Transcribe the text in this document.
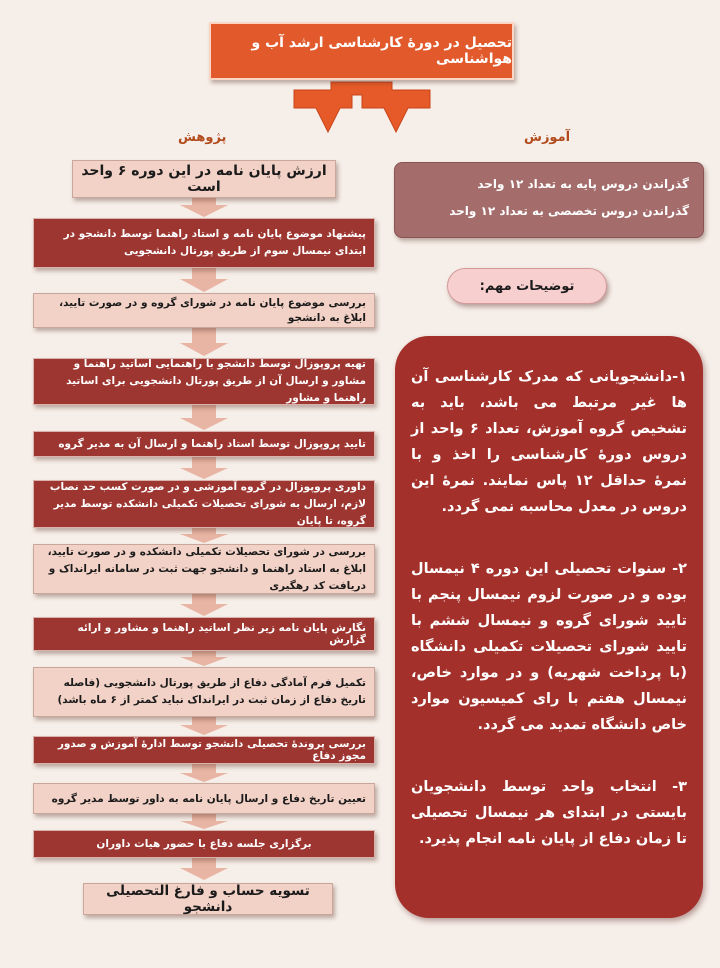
تحصیل در دورۀ کارشناسی ارشد آب و هواشناسی
پژوهش	آموزش
گذراندن دروس پایه به تعداد ۱۲ واحد
گذراندن دروس تخصصی به تعداد ۱۲ واحد
ارزش پایان نامه در این دوره ۶ واحد است
پیشنهاد موضوع پایان نامه و استاد راهنما توسط دانشجو در ابتدای نیمسال سوم از طریق پورتال دانشجویی
بررسی موضوع پایان نامه در شورای گروه و در صورت تایید، ابلاغ به دانشجو
تهیه پروپوزال توسط دانشجو با راهنمایی اساتید راهنما و مشاور و ارسال آن از طریق پورتال دانشجویی برای اساتید راهنما و مشاور
تایید پروپوزال توسط استاد راهنما و ارسال آن به مدیر گروه
داوری پروپوزال در گروه آموزشی و در صورت کسب حد نصاب لازم، ارسال به شورای تحصیلات تکمیلی دانشکده توسط مدیر گروه، تا پایان
بررسی در شورای تحصیلات تکمیلی دانشکده و در صورت تایید، ابلاغ به استاد راهنما و دانشجو جهت ثبت در سامانه ایرانداک و دریافت کد رهگیری
نگارش پایان نامه زیر نظر اساتید راهنما و مشاور و ارائه گزارش
تکمیل فرم آمادگی دفاع از طریق پورتال دانشجویی (فاصله تاریخ دفاع از زمان ثبت در ایرانداک نباید کمتر از ۶ ماه باشد)
بررسی پروندۀ تحصیلی دانشجو توسط ادارۀ آموزش و صدور مجوز دفاع
تعیین تاریخ دفاع و ارسال پایان نامه به داور توسط مدیر گروه
برگزاری جلسه دفاع با حضور هیات داوران
تسویه حساب و فارغ التحصیلی دانشجو
توضیحات مهم:

۱-دانشجویانی که مدرک کارشناسی آن ها غیر مرتبط می باشد، باید به تشخیص گروه آموزش، تعداد ۶ واحد از دروس دورۀ کارشناسی را اخذ و با نمرۀ حداقل ۱۲ پاس نمایند. نمرۀ این دروس در معدل محاسبه نمی گردد.

۲- سنوات تحصیلی این دوره ۴ نیمسال بوده و در صورت لزوم نیمسال پنجم با تایید شورای گروه و نیمسال ششم با تایید شورای تحصیلات تکمیلی دانشگاه (با پرداخت شهریه) و در موارد خاص، نیمسال هفتم با رای کمیسیون موارد خاص دانشگاه تمدید می گردد.

۳- انتخاب واحد توسط دانشجویان بایستی در ابتدای هر نیمسال تحصیلی تا زمان دفاع از پایان نامه انجام پذیرد.
